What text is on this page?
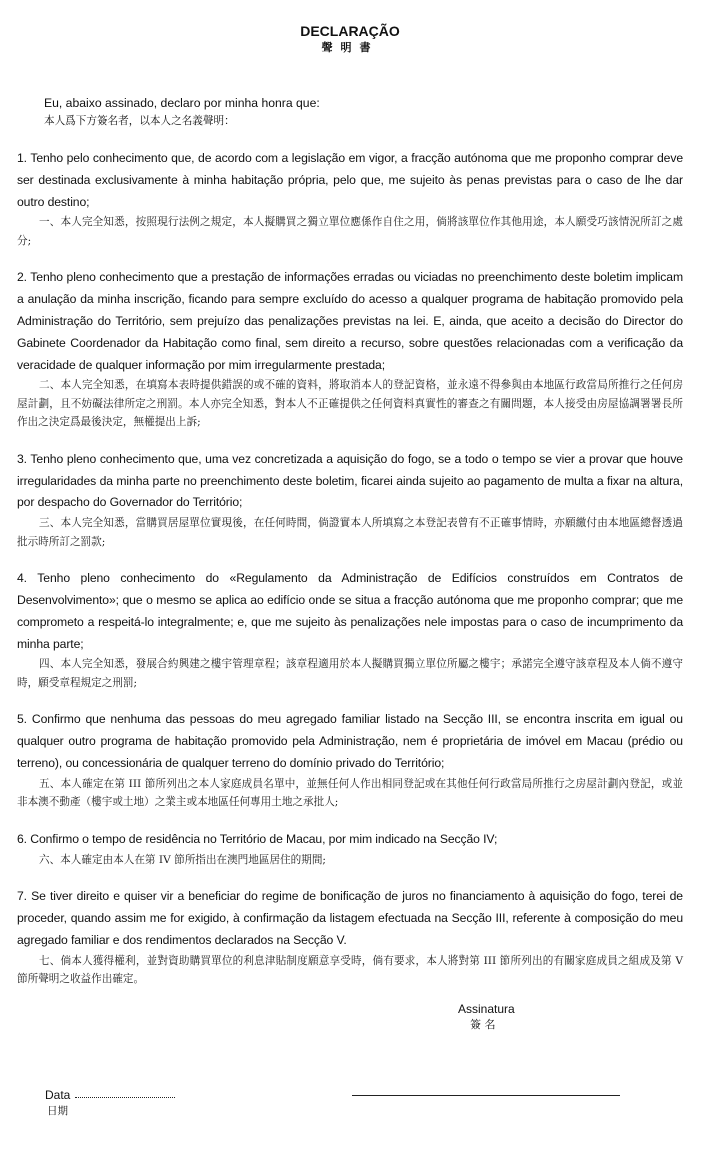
DECLARAÇÃO
聲明書
Eu, abaixo assinado, declaro por minha honra que:
本人爲下方簽名者，以本人之名義聲明：
1. Tenho pelo conhecimento que, de acordo com a legislação em vigor, a fracção autónoma que me proponho comprar deve ser destinada exclusivamente à minha habitação própria, pelo que, me sujeito às penas previstas para o caso de lhe dar outro destino;
一、本人完全知悉，按照現行法例之規定，本人擬購買之獨立單位應係作自住之用，倘將該單位作其他用途，本人願受巧該情況所訂之處分;
2. Tenho pleno conhecimento que a prestação de informações erradas ou viciadas no preenchimento deste boletim implicam a anulação da minha inscrição, ficando para sempre excluído do acesso a qualquer programa de habitação promovido pela Administração do Território, sem prejuízo das penalizações previstas na lei. E, ainda, que aceito a decisão do Director do Gabinete Coordenador da Habitação como final, sem direito a recurso, sobre questões relacionadas com a verificação da veracidade de qualquer informação por mim irregularmente prestada;
二、本人完全知悉，在填寫本表時提供錯誤的或不確的資料，將取消本人的登記資格，並永遠不得參與由本地區行政當局所推行之任何房屋計劃，且不妨礙法律所定之刑罰。本人亦完全知悉，對本人不正確提供之任何資料真實性的審查之有關問題，本人接受由房屋協調署署長所作出之決定爲最後決定，無權提出上訴;
3. Tenho pleno conhecimento que, uma vez concretizada a aquisição do fogo, se a todo o tempo se vier a provar que houve irregularidades da minha parte no preenchimento deste boletim, ficarei ainda sujeito ao pagamento de multa a fixar na altura, por despacho do Governador do Território;
三、本人完全知悉，當購買居屋單位實現後，在任何時間，倘證實本人所填寫之本登記表曾有不正確事情時，亦願繳付由本地區總督透過批示時所訂之罰款;
4. Tenho pleno conhecimento do «Regulamento da Administração de Edifícios construídos em Contratos de Desenvolvimento»; que o mesmo se aplica ao edifício onde se situa a fracção autónoma que me proponho comprar; que me comprometo a respeitá-lo integralmente; e, que me sujeito às penalizações nele impostas para o caso de incumprimento da minha parte;
四、本人完全知悉，發展合約興建之樓宇管理章程；該章程適用於本人擬購買獨立單位所屬之樓宇；承諾完全遵守該章程及本人倘不遵守時，願受章程規定之刑罰;
5. Confirmo que nenhuma das pessoas do meu agregado familiar listado na Secção III, se encontra inscrita em igual ou qualquer outro programa de habitação promovido pela Administração, nem é proprietária de imóvel em Macau (prédio ou terreno), ou concessionária de qualquer terreno do domínio privado do Território;
五、本人確定在第 III 節所列出之本人家庭成員名單中，並無任何人作出相同登記或在其他任何行政當局所推行之房屋計劃內登記，或並非本澳不動產（樓宇或土地）之業主或本地區任何專用土地之承批人;
6. Confirmo o tempo de residência no Território de Macau, por mim indicado na Secção IV;
六、本人確定由本人在第 IV 節所指出在澳門地區居住的期間;
7. Se tiver direito e quiser vir a beneficiar do regime de bonificação de juros no financiamento à aquisição do fogo, terei de proceder, quando assim me for exigido, à confirmação da listagem efectuada na Secção III, referente à composição do meu agregado familiar e dos rendimentos declarados na Secção V.
七、倘本人獲得權利，並對資助購買單位的利息津貼制度願意享受時，倘有要求，本人將對第 III 節所列出的有關家庭成員之組成及第 V 節所聲明之收益作出確定。
Assinatura
簽 名
Data
日期
